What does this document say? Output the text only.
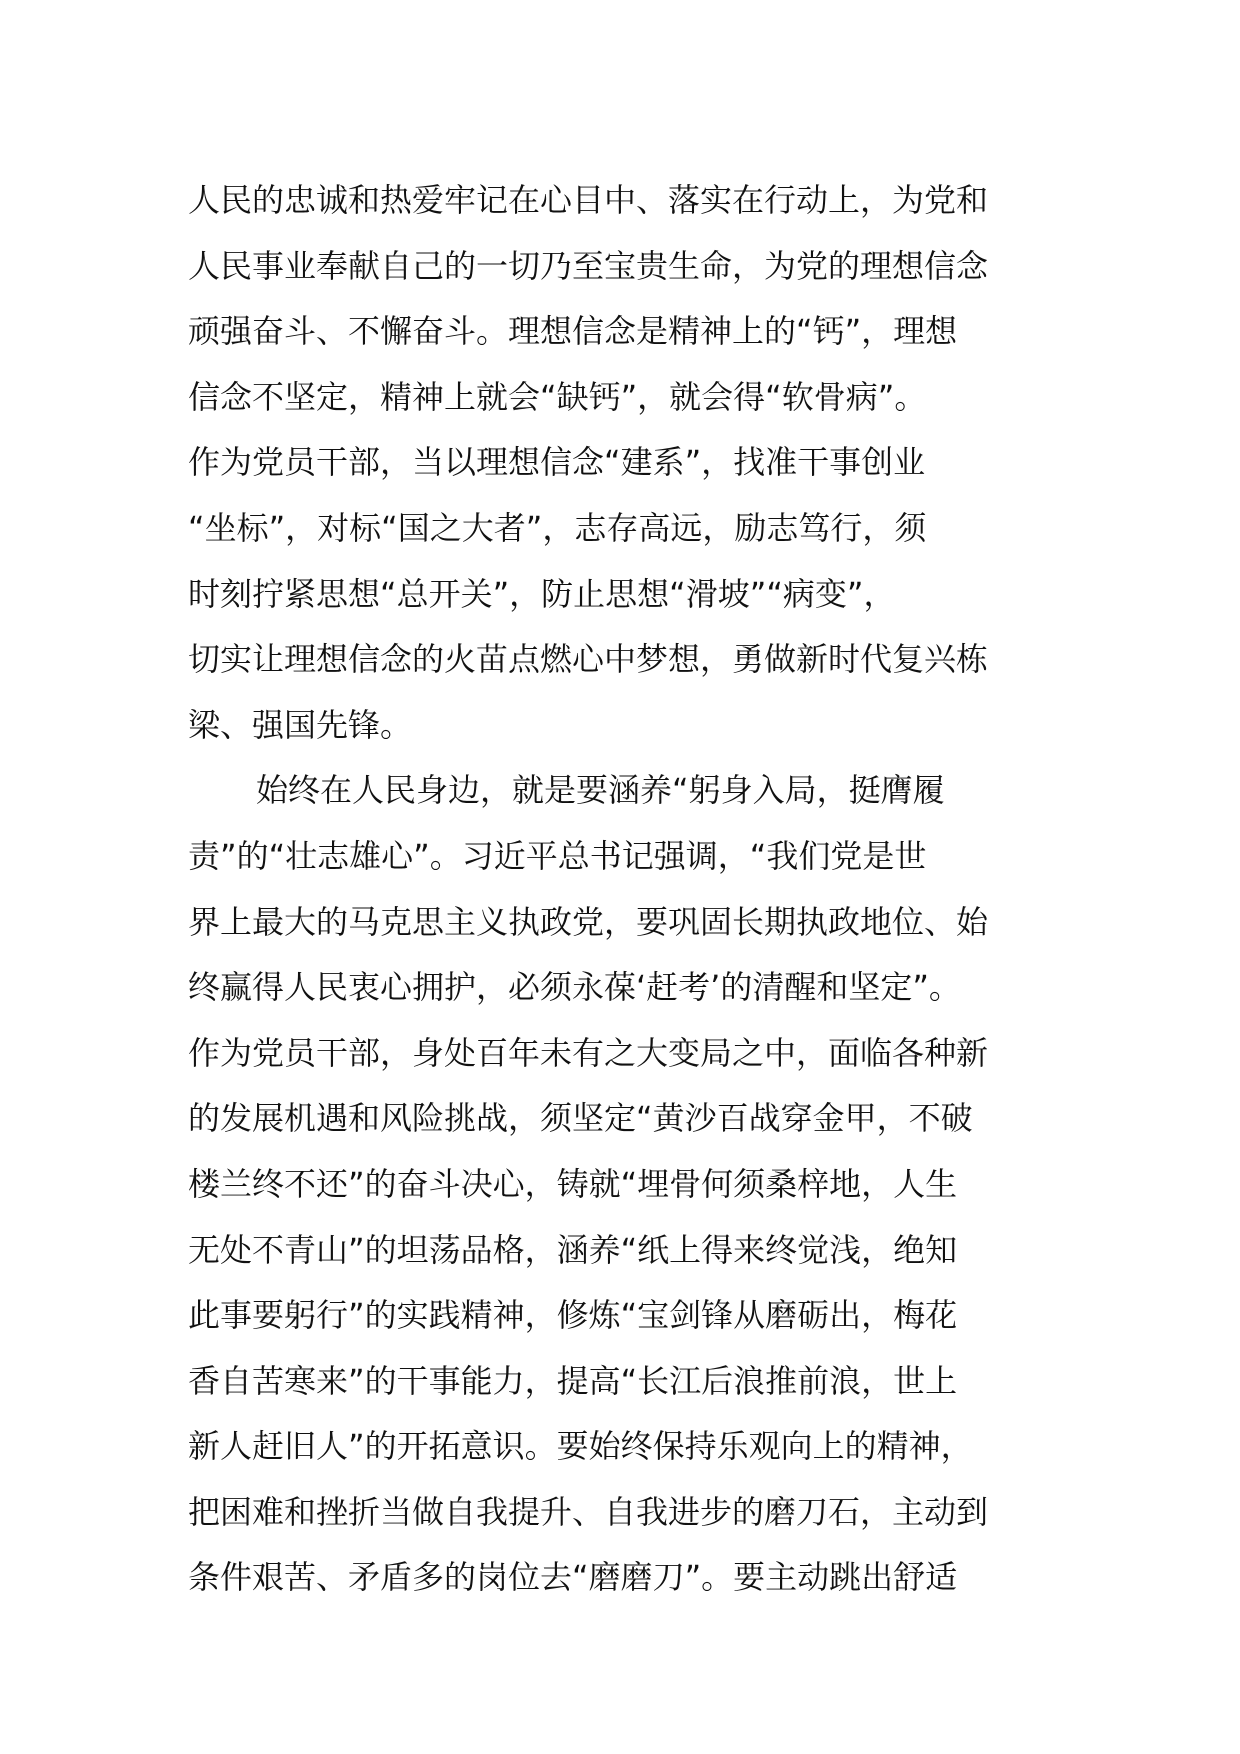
人民的忠诚和热爱牢记在心目中、落实在行动上，为党和
人民事业奉献自己的一切乃至宝贵生命，为党的理想信念
顽强奋斗、不懈奋斗。理想信念是精神上的“钙”，理想
信念不坚定，精神上就会“缺钙”，就会得“软骨病”。
作为党员干部，当以理想信念“建系”，找准干事创业
“坐标”，对标“国之大者”，志存高远，励志笃行，须
时刻拧紧思想“总开关”，防止思想“滑坡”“病变”，
切实让理想信念的火苗点燃心中梦想，勇做新时代复兴栋
梁、强国先锋。
始终在人民身边，就是要涵养“躬身入局，挺膺履
责”的“壮志雄心”。习近平总书记强调，“我们党是世
界上最大的马克思主义执政党，要巩固长期执政地位、始
终赢得人民衷心拥护，必须永葆‘赶考’的清醒和坚定”。
作为党员干部，身处百年未有之大变局之中，面临各种新
的发展机遇和风险挑战，须坚定“黄沙百战穿金甲，不破
楼兰终不还”的奋斗决心，铸就“埋骨何须桑梓地，人生
无处不青山”的坦荡品格，涵养“纸上得来终觉浅，绝知
此事要躬行”的实践精神，修炼“宝剑锋从磨砺出，梅花
香自苦寒来”的干事能力，提高“长江后浪推前浪，世上
新人赶旧人”的开拓意识。要始终保持乐观向上的精神，
把困难和挫折当做自我提升、自我进步的磨刀石，主动到
条件艰苦、矛盾多的岗位去“磨磨刀”。要主动跳出舒适
